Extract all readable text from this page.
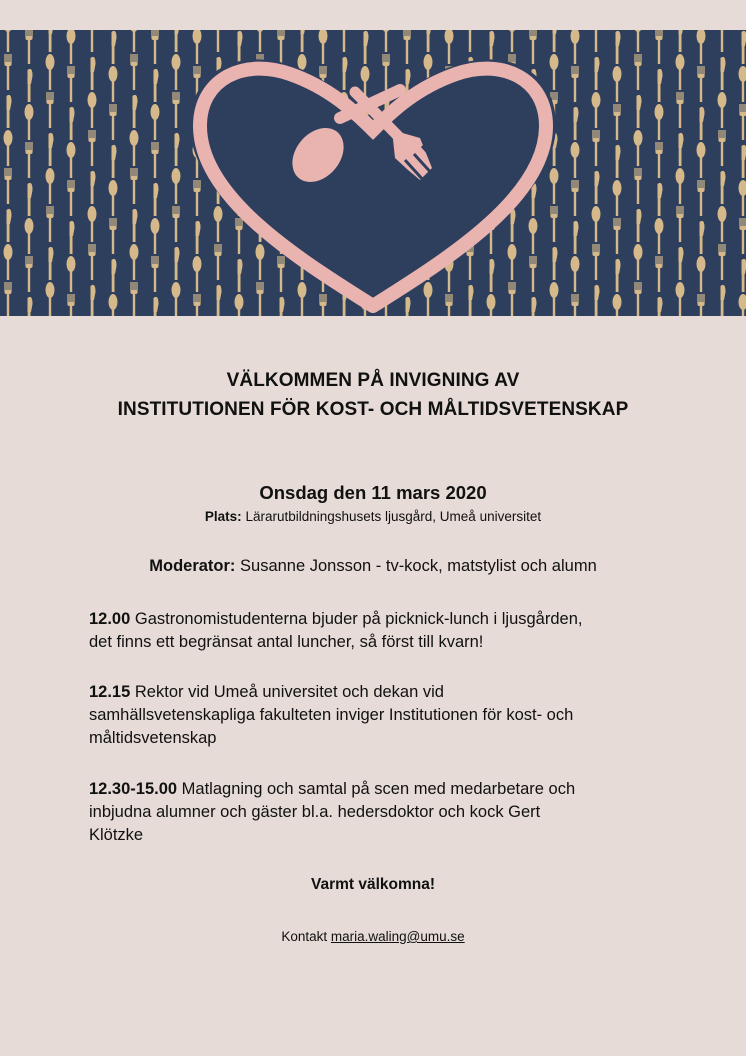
VÄLKOMMEN PÅ INVIGNING AV
INSTITUTIONEN FÖR KOST- OCH MÅLTIDSVETENSKAP
Onsdag den 11 mars 2020
Plats: Lärarutbildningshusets ljusgård, Umeå universitet
Moderator: Susanne Jonsson - tv-kock, matstylist och alumn
12.00 Gastronomistudenterna bjuder på picknick-lunch i ljusgården,
det finns ett begränsat antal luncher, så först till kvarn!
12.15 Rektor vid Umeå universitet och dekan vid
samhällsvetenskapliga fakulteten inviger Institutionen för kost- och
måltidsvetenskap
12.30-15.00 Matlagning och samtal på scen med medarbetare och
inbjudna alumner och gäster bl.a. hedersdoktor och kock Gert
Klötzke
Varmt välkomna!
Kontakt maria.waling@umu.se
